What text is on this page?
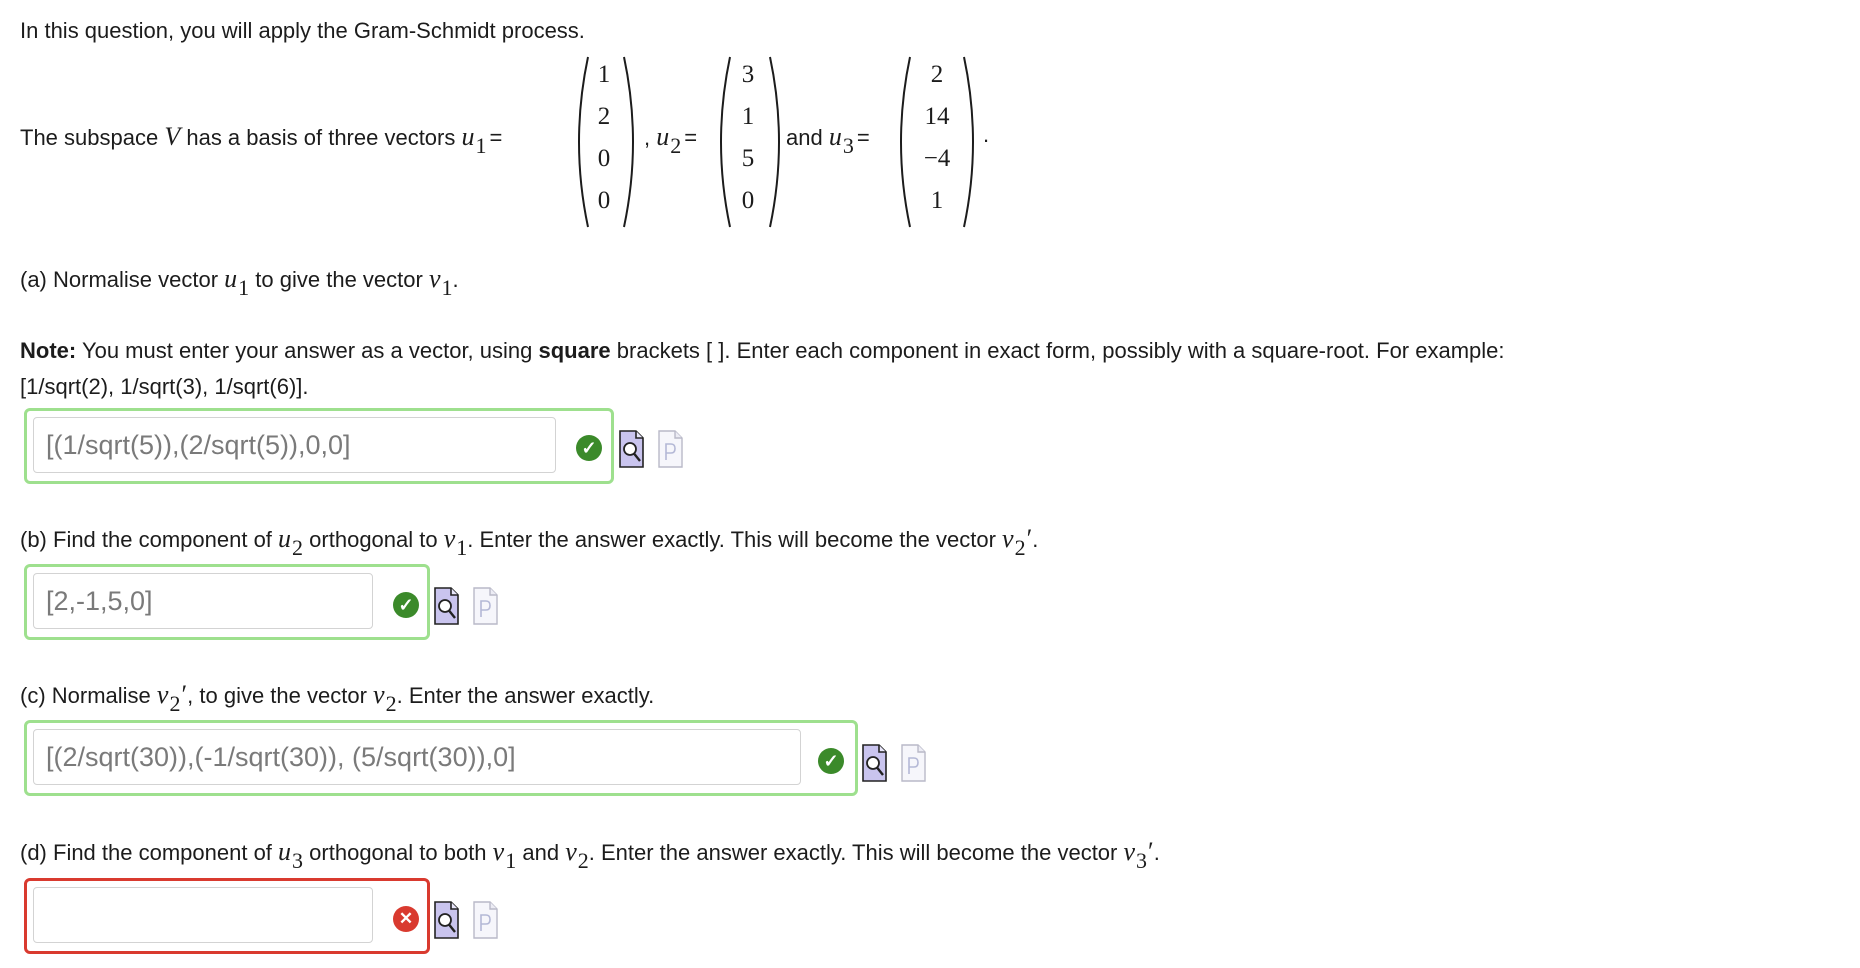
In this question, you will apply the Gram-Schmidt process.
The subspace V has a basis of three vectors $u_1$ =
1
2
0
0
, $u_2$ =
3
1
5
0
and $u_3$ =
2
14
−4
1
.
(a) Normalise vector $u_1$ to give the vector $v_1$.
Note: You must enter your answer as a vector, using square brackets [ ]. Enter each component in exact form, possibly with a square-root. For example:
[1/sqrt(2), 1/sqrt(3), 1/sqrt(6)].
[(1/sqrt(5)),(2/sqrt(5)),0,0]
✓
(b) Find the component of $u_2$ orthogonal to $v_1$. Enter the answer exactly. This will become the vector $v_2'$.
[2,-1,5,0]
✓
(c) Normalise $v_2'$, to give the vector $v_2$. Enter the answer exactly.
[(2/sqrt(30)),(-1/sqrt(30)), (5/sqrt(30)),0]
✓
(d) Find the component of $u_3$ orthogonal to both $v_1$ and $v_2$. Enter the answer exactly. This will become the vector $v_3'$.
✕
